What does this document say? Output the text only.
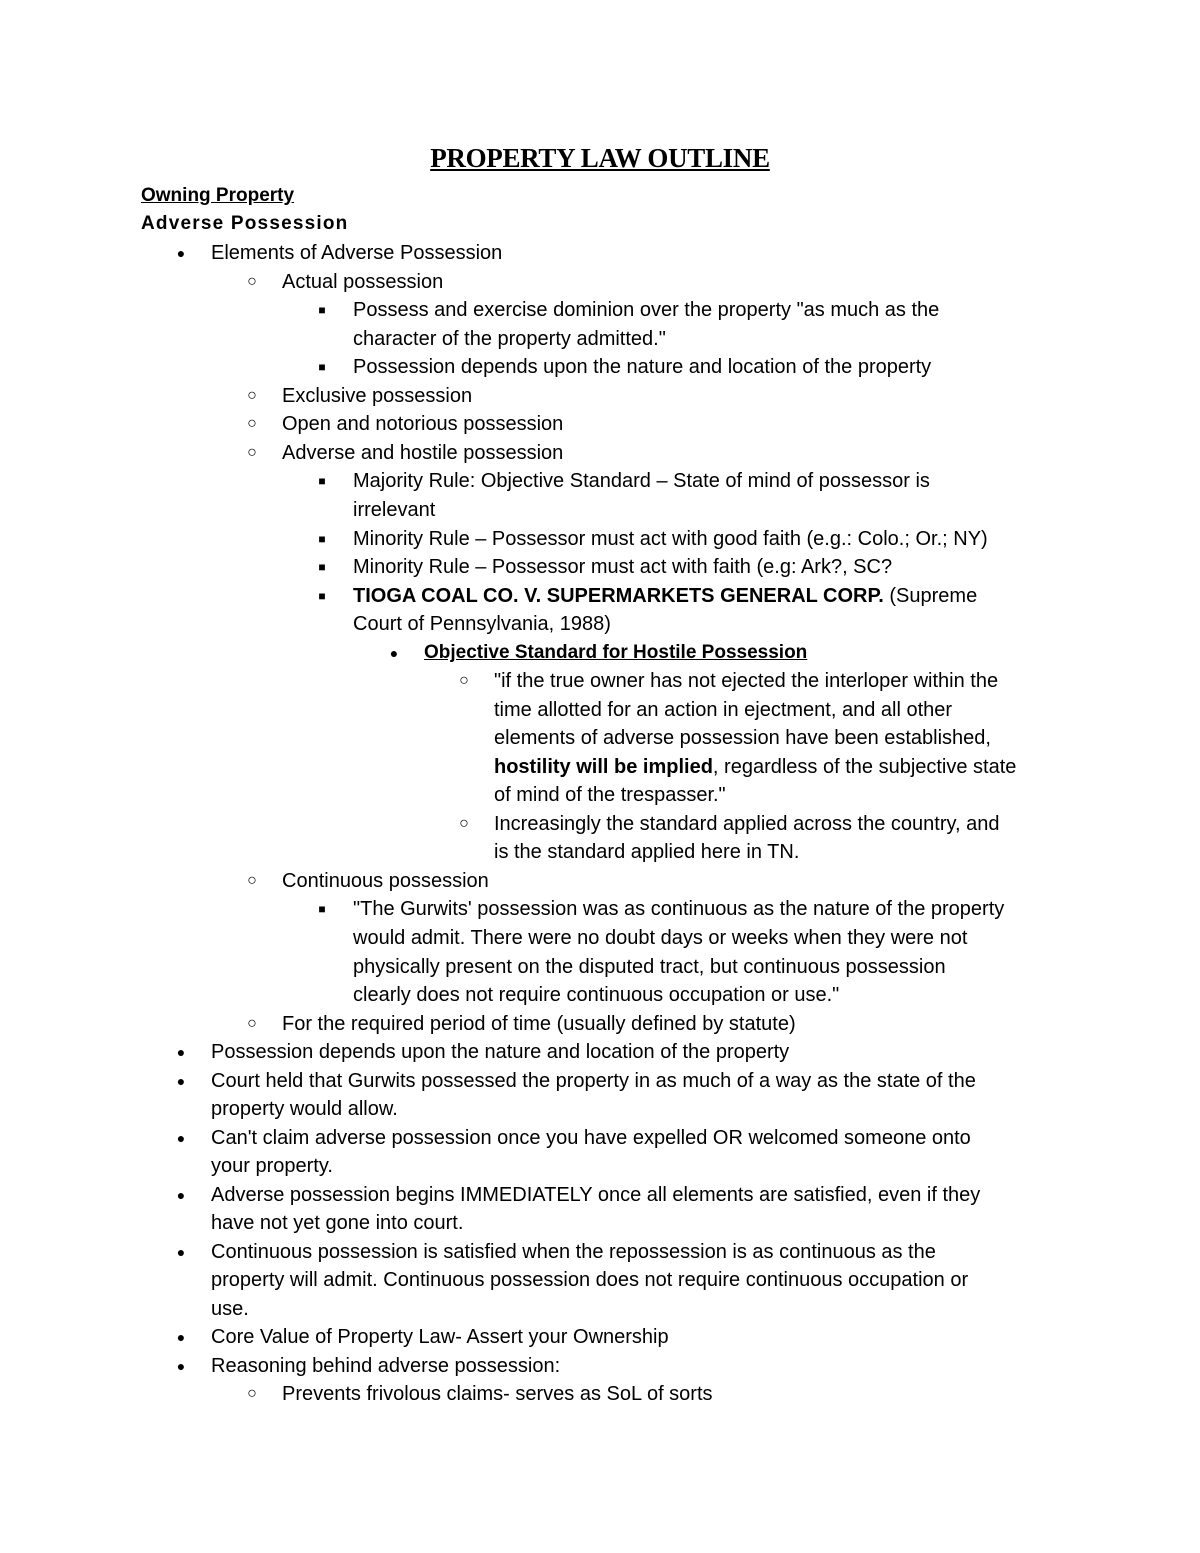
PROPERTY LAW OUTLINE
Owning Property
Adverse Possession
● Elements of Adverse Possession
○ Actual possession
■ Possess and exercise dominion over the property "as much as the
character of the property admitted."
■ Possession depends upon the nature and location of the property
○ Exclusive possession
○ Open and notorious possession
○ Adverse and hostile possession
■ Majority Rule: Objective Standard – State of mind of possessor is
irrelevant
■ Minority Rule – Possessor must act with good faith (e.g.: Colo.; Or.; NY)
■ Minority Rule – Possessor must act with faith (e.g: Ark?, SC?
■ TIOGA COAL CO. V. SUPERMARKETS GENERAL CORP. (Supreme
Court of Pennsylvania, 1988)
● Objective Standard for Hostile Possession
○ "if the true owner has not ejected the interloper within the
time allotted for an action in ejectment, and all other
elements of adverse possession have been established,
hostility will be implied, regardless of the subjective state
of mind of the trespasser."
○ Increasingly the standard applied across the country, and
is the standard applied here in TN.
○ Continuous possession
■ "The Gurwits' possession was as continuous as the nature of the property
would admit. There were no doubt days or weeks when they were not
physically present on the disputed tract, but continuous possession
clearly does not require continuous occupation or use."
○ For the required period of time (usually defined by statute)
● Possession depends upon the nature and location of the property
● Court held that Gurwits possessed the property in as much of a way as the state of the
property would allow.
● Can't claim adverse possession once you have expelled OR welcomed someone onto
your property.
● Adverse possession begins IMMEDIATELY once all elements are satisfied, even if they
have not yet gone into court.
● Continuous possession is satisfied when the repossession is as continuous as the
property will admit. Continuous possession does not require continuous occupation or
use.
● Core Value of Property Law- Assert your Ownership
● Reasoning behind adverse possession:
○ Prevents frivolous claims- serves as SoL of sorts
